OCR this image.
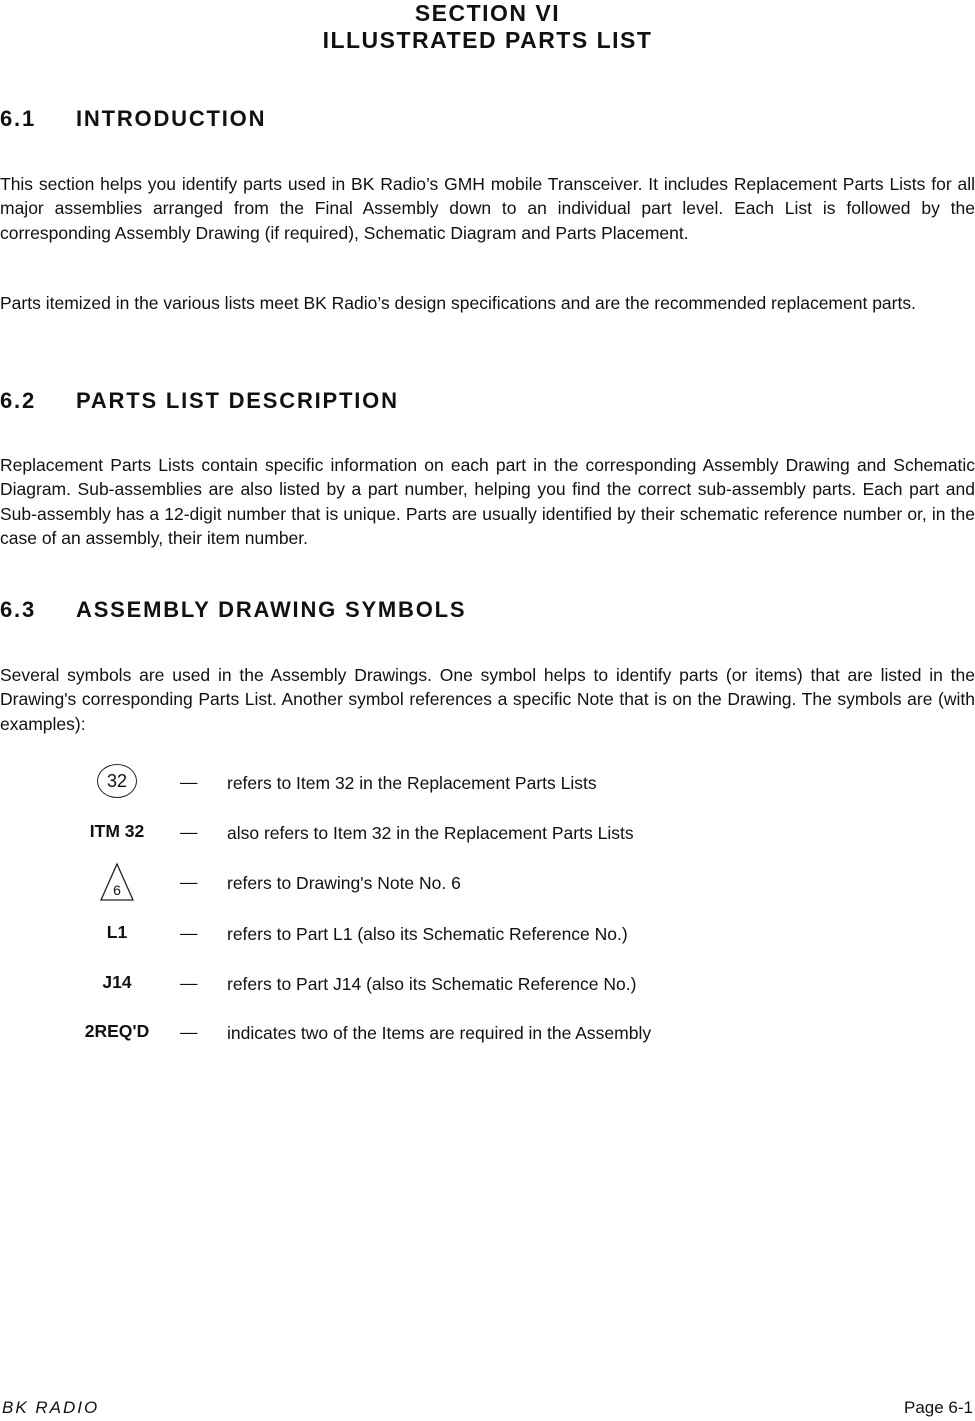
SECTION VI
ILLUSTRATED PARTS LIST
6.1 INTRODUCTION

This section helps you identify parts used in BK Radio’s GMH mobile Transceiver. It includes Replacement Parts Lists for all major assemblies arranged from the Final Assembly down to an individual part level. Each List is followed by the corresponding Assembly Drawing (if required), Schematic Diagram and Parts Placement.

Parts itemized in the various lists meet BK Radio’s design specifications and are the recommended replacement parts.

6.2 PARTS LIST DESCRIPTION

Replacement Parts Lists contain specific information on each part in the corresponding Assembly Drawing and Schematic Diagram. Sub-assemblies are also listed by a part number, helping you find the correct sub-assembly parts. Each part and Sub-assembly has a 12-digit number that is unique. Parts are usually identified by their schematic reference number or, in the case of an assembly, their item number.

6.3 ASSEMBLY DRAWING SYMBOLS

Several symbols are used in the Assembly Drawings. One symbol helps to identify parts (or items) that are listed in the Drawing's corresponding Parts List. Another symbol references a specific Note that is on the Drawing. The symbols are (with examples):

32	— refers to Item 32 in the Replacement Parts Lists
ITM 32	— also refers to Item 32 in the Replacement Parts Lists
6	— refers to Drawing's Note No. 6
L1	— refers to Part L1 (also its Schematic Reference No.)
J14	— refers to Part J14 (also its Schematic Reference No.)
2REQ'D	— indicates two of the Items are required in the Assembly
BK RADIO	Page 6-1
